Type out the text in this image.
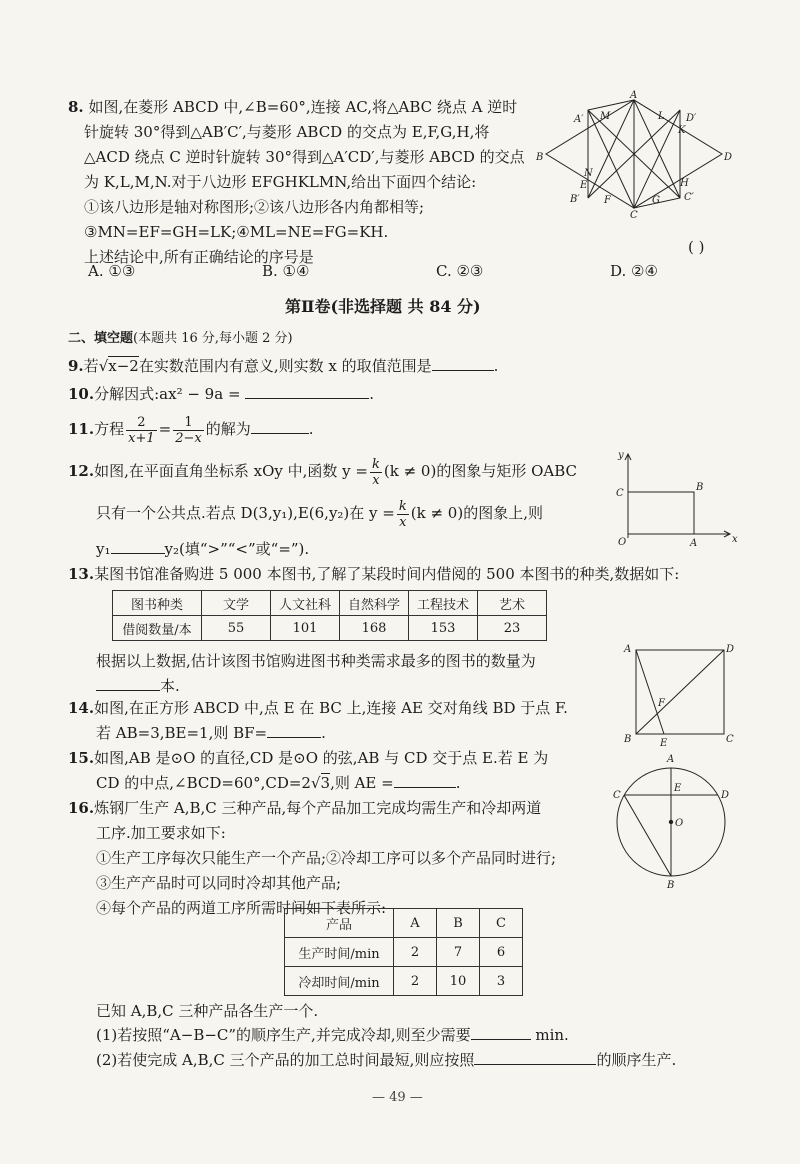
8. 如图,在菱形 ABCD 中,∠B=60°,连接 AC,将△ABC 绕点 A 逆时
针旋转 30°得到△AB′C′,与菱形 ABCD 的交点为 E,F,G,H,将
△ACD 绕点 C 逆时针旋转 30°得到△A′CD′,与菱形 ABCD 的交点
为 K,L,M,N.对于八边形 EFGHKLMN,给出下面四个结论:
①该八边形是轴对称图形;②该八边形各内角都相等;
③MN=EF=GH=LK;④ML=NE=FG=KH.
上述结论中,所有正确结论的序号是
( )
A. ①③	B. ①④	C. ②③	D. ②④
A
A′ M	L D′
K
B	D
N
E	H
B′ F	G C′
C
第Ⅱ卷(非选择题 共 84 分)
二、填空题(本题共 16 分,每小题 2 分)
9.若√x−2在实数范围内有意义,则实数 x 的取值范围是	.
10.分解因式:ax² − 9a =	.
11.方程 $\frac{2}{x+1} = \frac{1}{2-x}$ 的解为	.
12.如图,在平面直角坐标系 xOy 中,函数 $y = \frac{k}{x} (k \ne 0)$的图象与矩形 OABC
只有一个公共点.若点 D(3,y₁),E(6,y₂)在 $y = \frac{k}{x} (k \ne 0)$的图象上,则
y₁	y₂(填“>”“<”或“=”).
y
C
B
O	A	x
13.某图书馆准备购进 5 000 本图书,了解了某段时间内借阅的 500 本图书的种类,数据如下:
图书种类	文学	人文社科	自然科学	工程技术	艺术
借阅数量/本	55	101	168	153	23
根据以上数据,估计该图书馆购进图书种类需求最多的图书的数量为
本.
14.如图,在正方形 ABCD 中,点 E 在 BC 上,连接 AE 交对角线 BD 于点 F.
若 AB=3,BE=1,则 BF=	.
A	D
F
B	E	C
15.如图,AB 是⊙O 的直径,CD 是⊙O 的弦,AB 与 CD 交于点 E.若 E 为
CD 的中点,∠BCD=60°,CD=2√3,则 AE =	.
A
C
E
D
O
B
16.炼钢厂生产 A,B,C 三种产品,每个产品加工完成均需生产和冷却两道
工序.加工要求如下:
①生产工序每次只能生产一个产品;②冷却工序可以多个产品同时进行;
③生产产品时可以同时冷却其他产品;
④每个产品的两道工序所需时间如下表所示:
产品	A	B	C
生产时间/min	2	7	6
冷却时间/min	2	10	3
已知 A,B,C 三种产品各生产一个.
(1)若按照“A−B−C”的顺序生产,并完成冷却,则至少需要	min.
(2)若使完成 A,B,C 三个产品的加工总时间最短,则应按照	的顺序生产.
— 49 —
